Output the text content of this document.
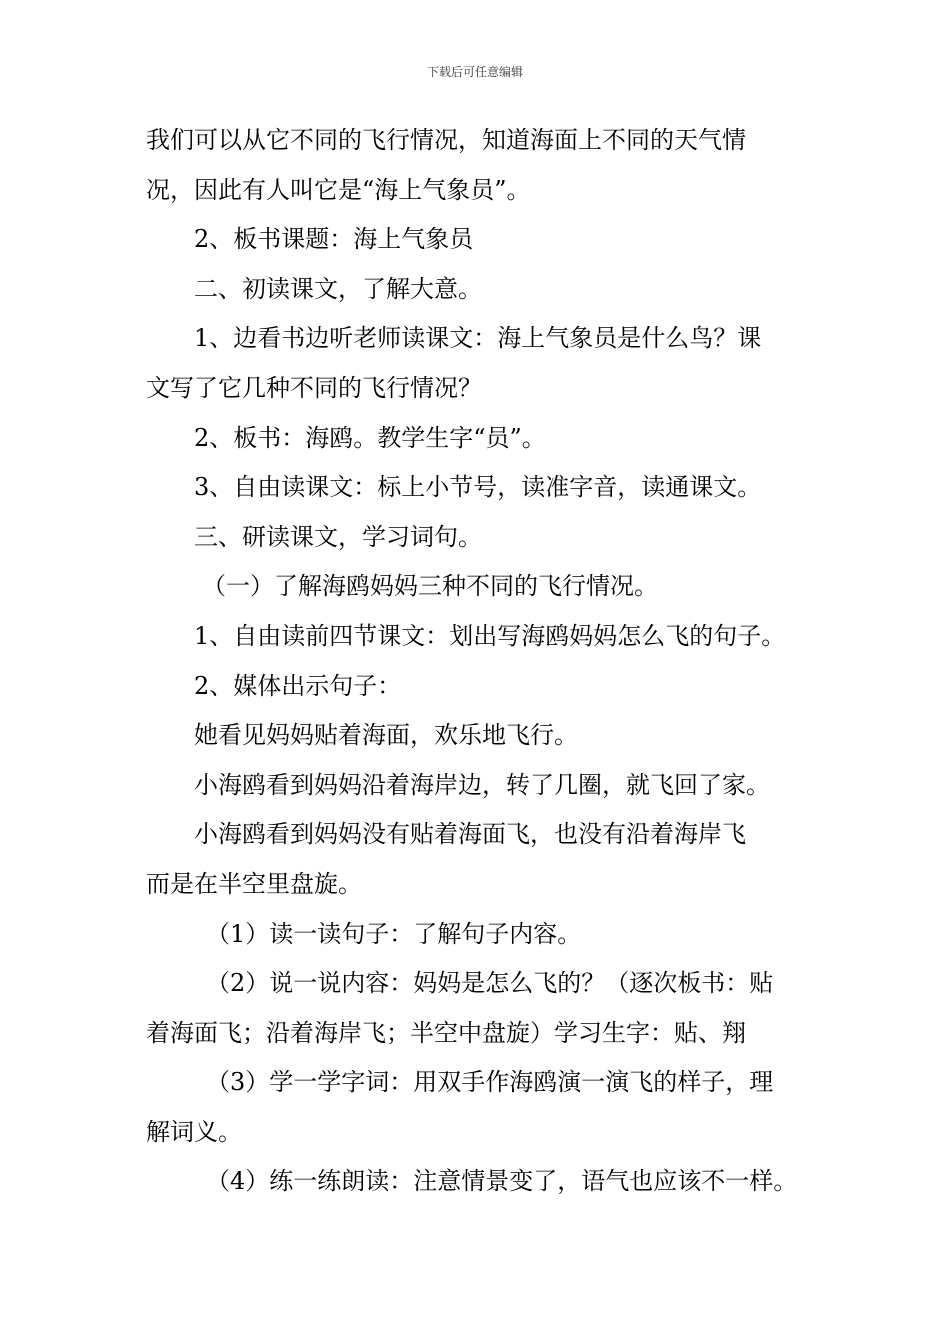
下载后可任意编辑
我们可以从它不同的飞行情况，知道海面上不同的天气情
况，因此有人叫它是“海上气象员”。
2、板书课题：海上气象员
二、初读课文，了解大意。
1、边看书边听老师读课文：海上气象员是什么鸟？课
文写了它几种不同的飞行情况？
2、板书：海鸥。教学生字“员”。
3、自由读课文：标上小节号，读准字音，读通课文。
三、研读课文，学习词句。
（一）了解海鸥妈妈三种不同的飞行情况。
1、自由读前四节课文：划出写海鸥妈妈怎么飞的句子。
2、媒体出示句子：
她看见妈妈贴着海面，欢乐地飞行。
小海鸥看到妈妈沿着海岸边，转了几圈，就飞回了家。
小海鸥看到妈妈没有贴着海面飞，也没有沿着海岸飞
而是在半空里盘旋。
（1）读一读句子：了解句子内容。
（2）说一说内容：妈妈是怎么飞的？（逐次板书：贴
着海面飞；沿着海岸飞；半空中盘旋）学习生字：贴、翔
（3）学一学字词：用双手作海鸥演一演飞的样子，理
解词义。
（4）练一练朗读：注意情景变了，语气也应该不一样。
